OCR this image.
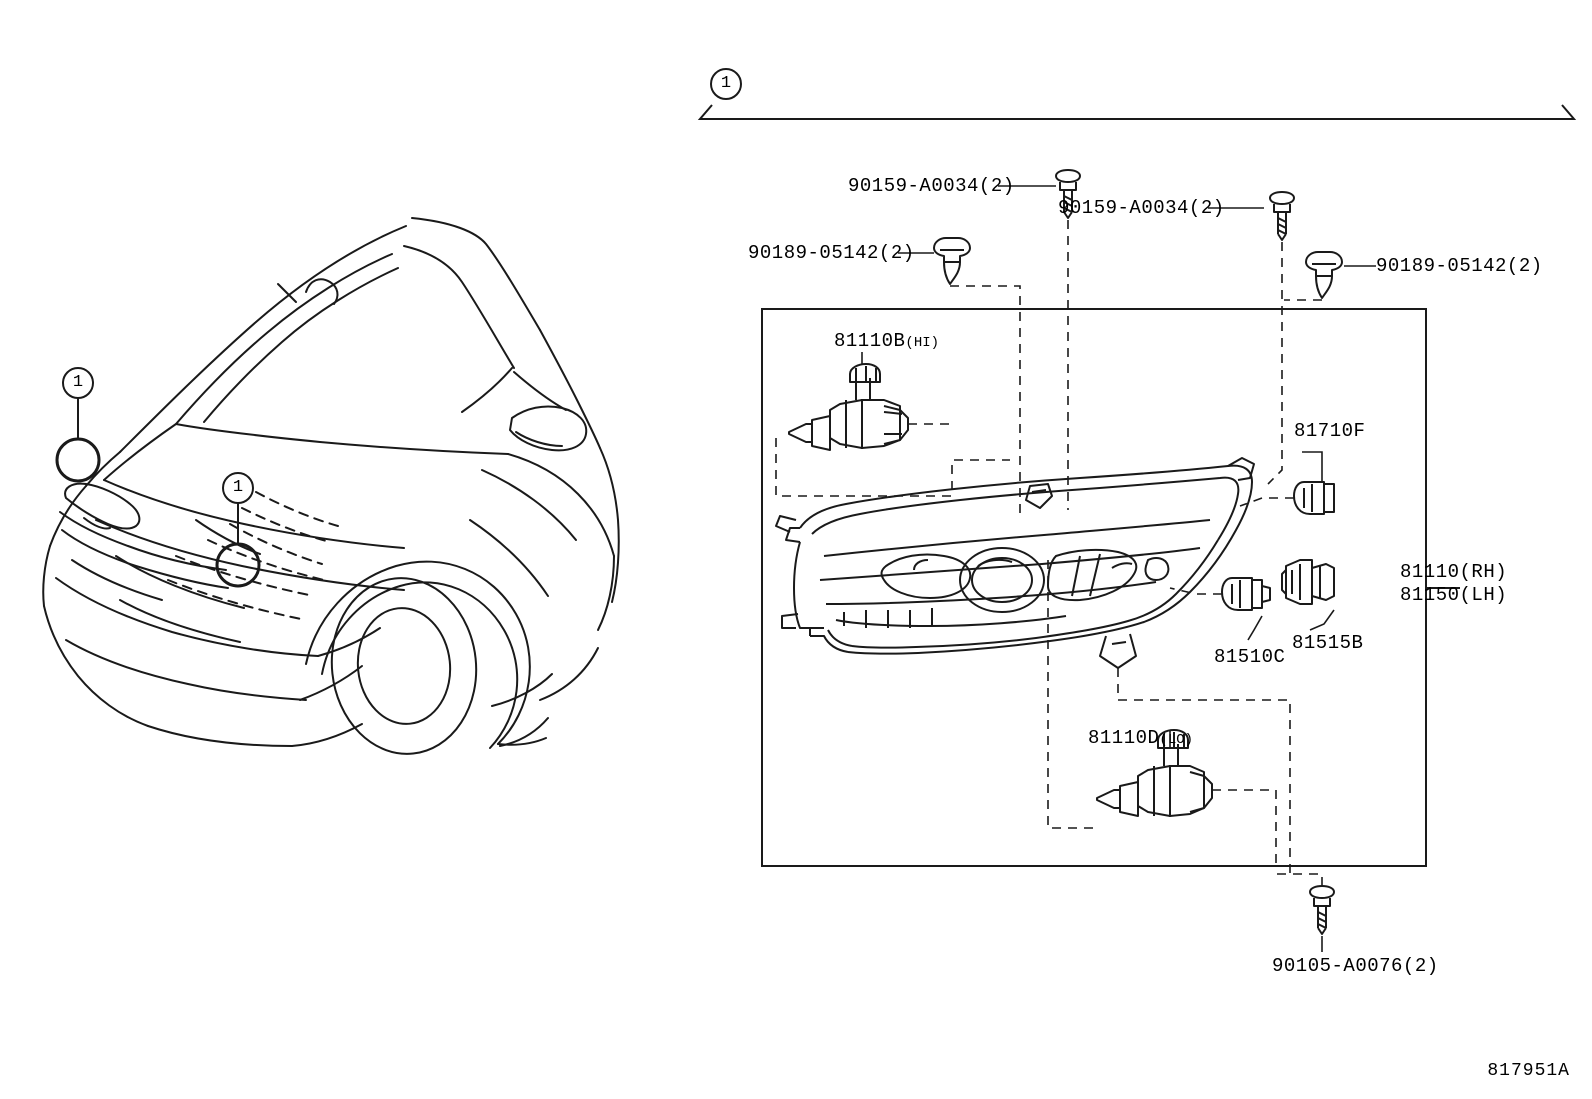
1
1
1
90159-A0034(2)
90159-A0034(2)
90189-05142(2)
90189-05142(2)
81110B(HI)
81710F
81110(RH)
81150(LH)
81510C
81515B
81110D(LO)
90105-A0076(2)
817951A
